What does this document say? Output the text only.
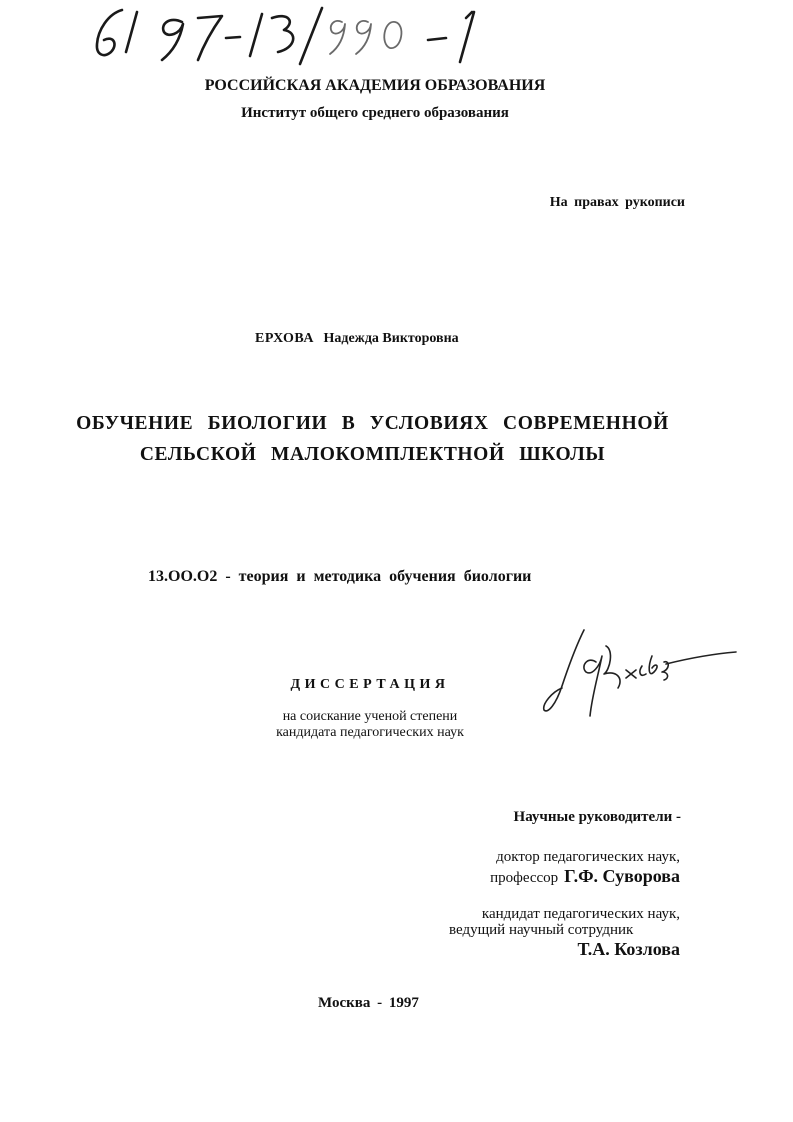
РОССИЙСКАЯ АКАДЕМИЯ ОБРАЗОВАНИЯ
Институт общего среднего образования
На правах рукописи
ЕРХОВА Надежда Викторовна
ОБУЧЕНИЕ БИОЛОГИИ В УСЛОВИЯХ СОВРЕМЕННОЙ
СЕЛЬСКОЙ МАЛОКОМПЛЕКТНОЙ ШКОЛЫ
13.ОО.О2 - теория и методика обучения биологии
ДИССЕРТАЦИЯ
на соискание ученой степени
кандидата педагогических наук
Научные руководители -
доктор педагогических наук,
профессор Г.Ф. Суворова
кандидат педагогических наук,
ведущий научный сотрудник
Т.А. Козлова
Москва - 1997
